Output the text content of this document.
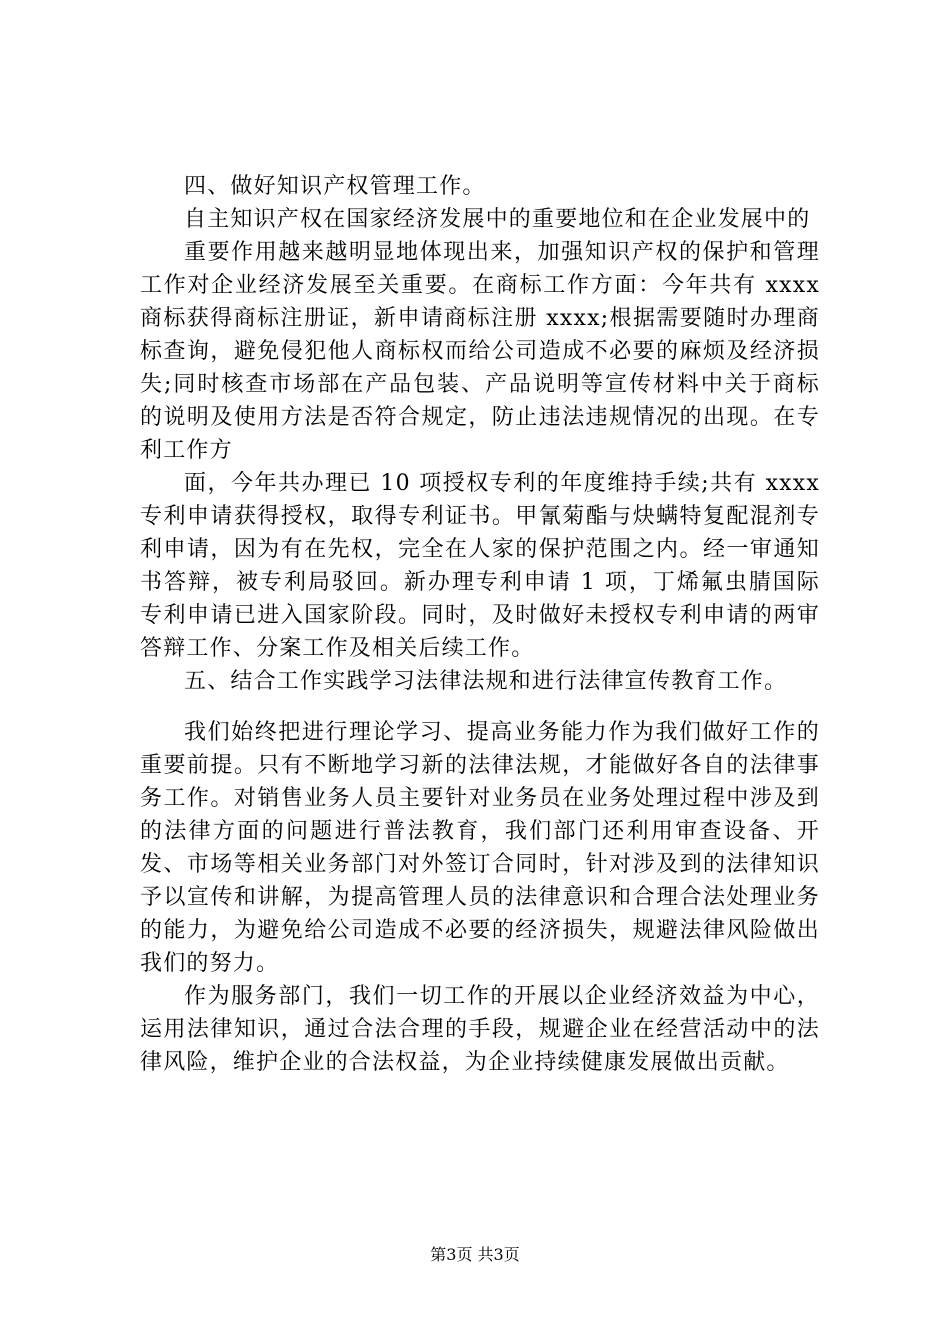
四、做好知识产权管理工作。

自主知识产权在国家经济发展中的重要地位和在企业发展中的

重要作用越来越明显地体现出来，加强知识产权的保护和管理工作对企业经济发展至关重要。在商标工作方面：今年共有 xxxx 商标获得商标注册证，新申请商标注册 xxxx;根据需要随时办理商标查询，避免侵犯他人商标权而给公司造成不必要的麻烦及经济损失;同时核查市场部在产品包装、产品说明等宣传材料中关于商标的说明及使用方法是否符合规定，防止违法违规情况的出现。在专利工作方

面，今年共办理已 10 项授权专利的年度维持手续;共有 xxxx 专利申请获得授权，取得专利证书。甲氰菊酯与炔螨特复配混剂专利申请，因为有在先权，完全在人家的保护范围之内。经一审通知书答辩，被专利局驳回。新办理专利申请 1 项，丁烯氟虫腈国际专利申请已进入国家阶段。同时，及时做好未授权专利申请的两审答辩工作、分案工作及相关后续工作。

五、结合工作实践学习法律法规和进行法律宣传教育工作。

我们始终把进行理论学习、提高业务能力作为我们做好工作的重要前提。只有不断地学习新的法律法规，才能做好各自的法律事务工作。对销售业务人员主要针对业务员在业务处理过程中涉及到的法律方面的问题进行普法教育，我们部门还利用审查设备、开发、市场等相关业务部门对外签订合同时，针对涉及到的法律知识予以宣传和讲解，为提高管理人员的法律意识和合理合法处理业务的能力，为避免给公司造成不必要的经济损失，规避法律风险做出我们的努力。

作为服务部门，我们一切工作的开展以企业经济效益为中心，运用法律知识，通过合法合理的手段，规避企业在经营活动中的法律风险，维护企业的合法权益，为企业持续健康发展做出贡献。

第3页 共3页
